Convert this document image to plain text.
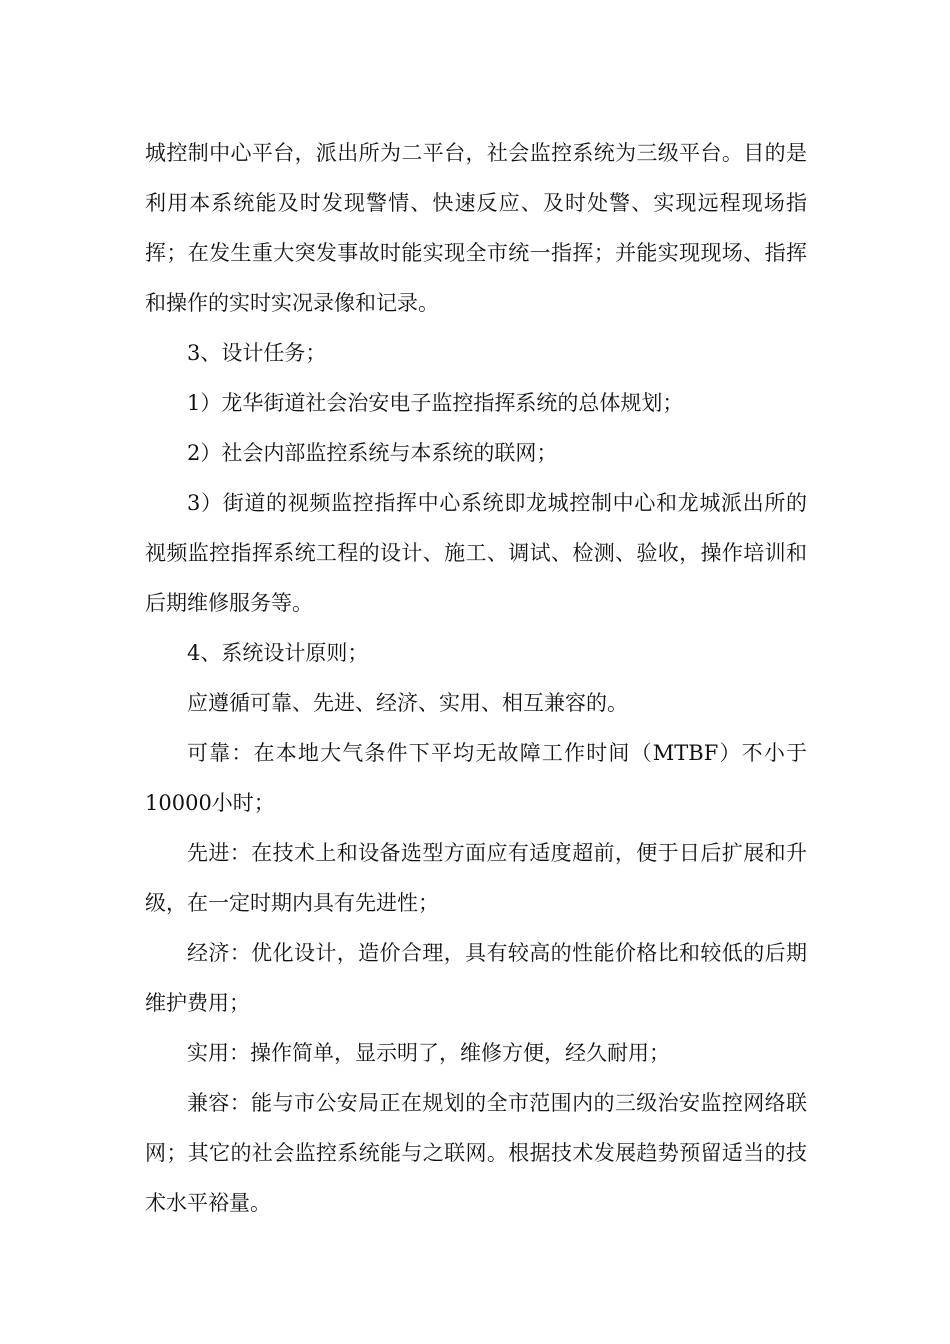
城控制中心平台，派出所为二平台，社会监控系统为三级平台。目的是利用本系统能及时发现警情、快速反应、及时处警、实现远程现场指挥；在发生重大突发事故时能实现全市统一指挥；并能实现现场、指挥和操作的实时实况录像和记录。

3、设计任务；

1）龙华街道社会治安电子监控指挥系统的总体规划；

2）社会内部监控系统与本系统的联网；

3）街道的视频监控指挥中心系统即龙城控制中心和龙城派出所的视频监控指挥系统工程的设计、施工、调试、检测、验收，操作培训和后期维修服务等。

4、系统设计原则；

应遵循可靠、先进、经济、实用、相互兼容的。

可靠：在本地大气条件下平均无故障工作时间（MTBF）不小于10000小时；

先进：在技术上和设备选型方面应有适度超前，便于日后扩展和升级，在一定时期内具有先进性；

经济：优化设计，造价合理，具有较高的性能价格比和较低的后期维护费用；

实用：操作简单，显示明了，维修方便，经久耐用；

兼容：能与市公安局正在规划的全市范围内的三级治安监控网络联网；其它的社会监控系统能与之联网。根据技术发展趋势预留适当的技术水平裕量。
